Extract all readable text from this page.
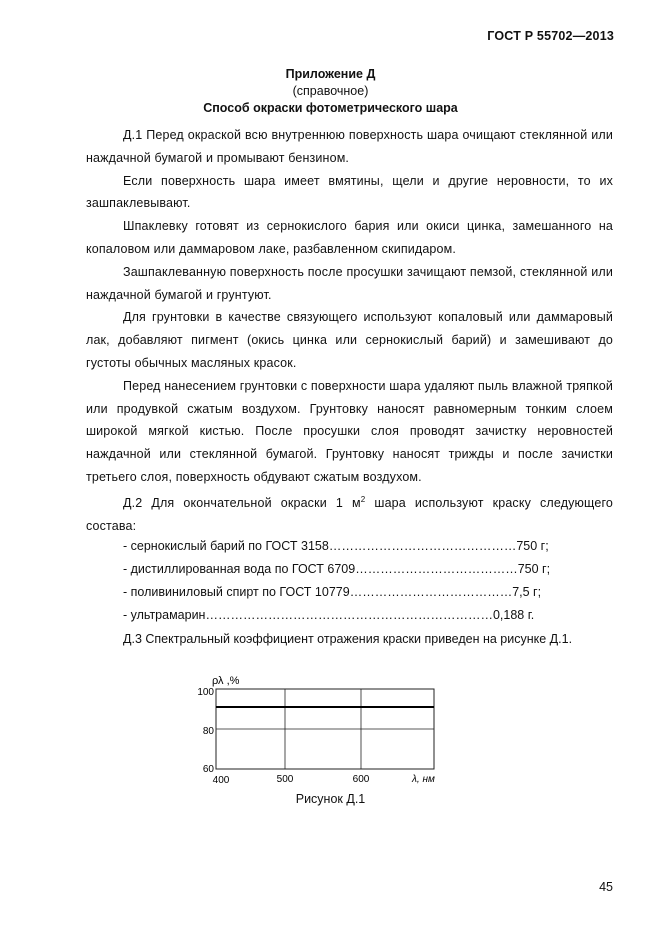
ГОСТ Р 55702—2013
Приложение Д
(справочное)
Способ окраски фотометрического шара

Д.1 Перед окраской всю внутреннюю поверхность шара очищают стеклянной или наждачной бумагой и промывают бензином.

Если поверхность шара имеет вмятины, щели и другие неровности, то их зашпаклевывают.

Шпаклевку готовят из сернокислого бария или окиси цинка, замешанного на копаловом или даммаровом лаке, разбавленном скипидаром.

Зашпаклеванную поверхность после просушки зачищают пемзой, стеклянной или наждачной бумагой и грунтуют.

Для грунтовки в качестве связующего используют копаловый или даммаровый лак, добавляют пигмент (окись цинка или сернокислый барий) и замешивают до густоты обычных масляных красок.

Перед нанесением грунтовки с поверхности шара удаляют пыль влажной тряпкой или продувкой сжатым воздухом. Грунтовку наносят равномерным тонким слоем широкой мягкой кистью. После просушки слоя проводят зачистку неровностей наждачной или стеклянной бумагой. Грунтовку наносят трижды и после зачистки третьего слоя, поверхность обдувают сжатым воздухом.

Д.2 Для окончательной окраски 1 $м^2$ шара используют краску следующего состава:

- сернокислый барий по ГОСТ 3158………………………………………750 г;
- дистиллированная вода по ГОСТ 6709…………………………………750 г;
- поливиниловый спирт по ГОСТ 10779…………………………………7,5 г;
- ультрамарин……………………………………………………………0,188 г.
Д.3 Спектральный коэффициент отражения краски приведен на рисунке Д.1.
ρλ ,%
100
80
60
400	500	600	λ, нм
Рисунок Д.1
45
